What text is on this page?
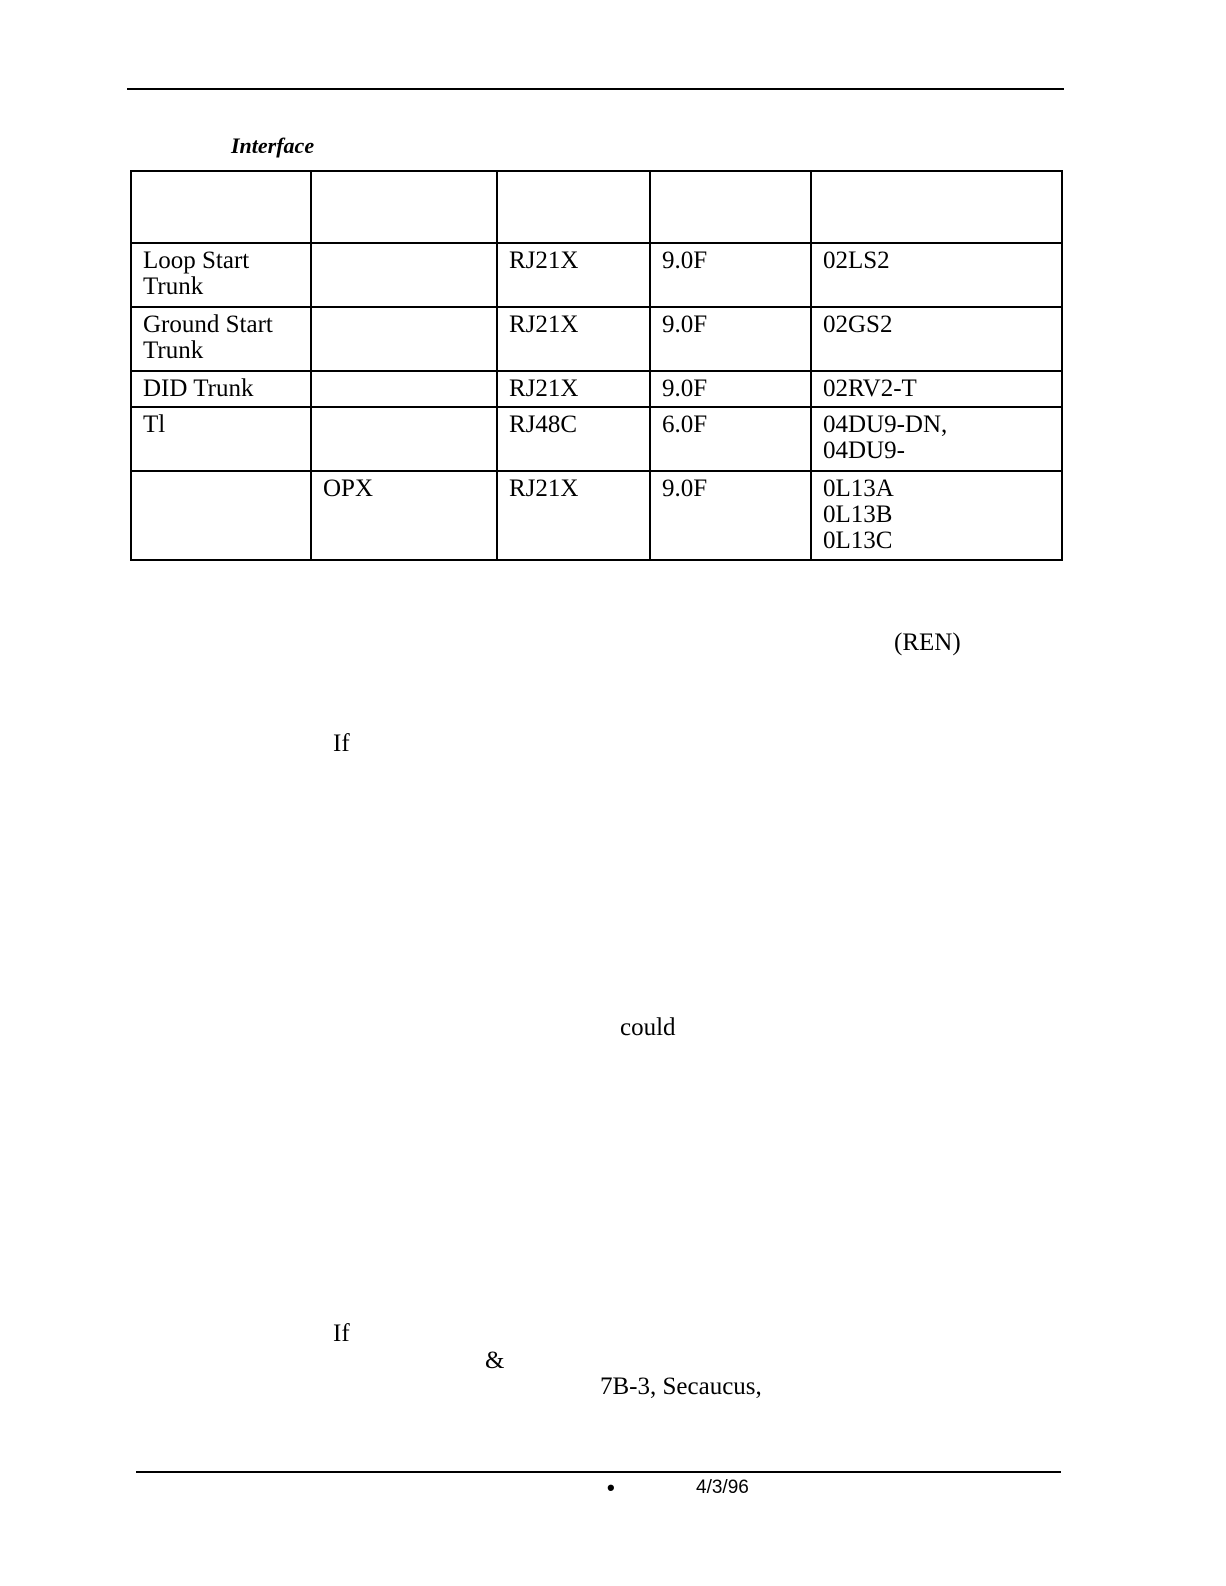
Interface

Loop Start
Trunk		RJ21X	9.0F	02LS2

Ground Start
Trunk		RJ21X	9.0F	02GS2

DID Trunk		RJ21X	9.0F	02RV2-T

Tl		RJ48C	6.0F	04DU9-DN,
04DU9-

	OPX	RJ21X	9.0F	0L13A
0L13B
0L13C
(REN)
If
could
If
&
7B-3, Secaucus,
•	4/3/96
